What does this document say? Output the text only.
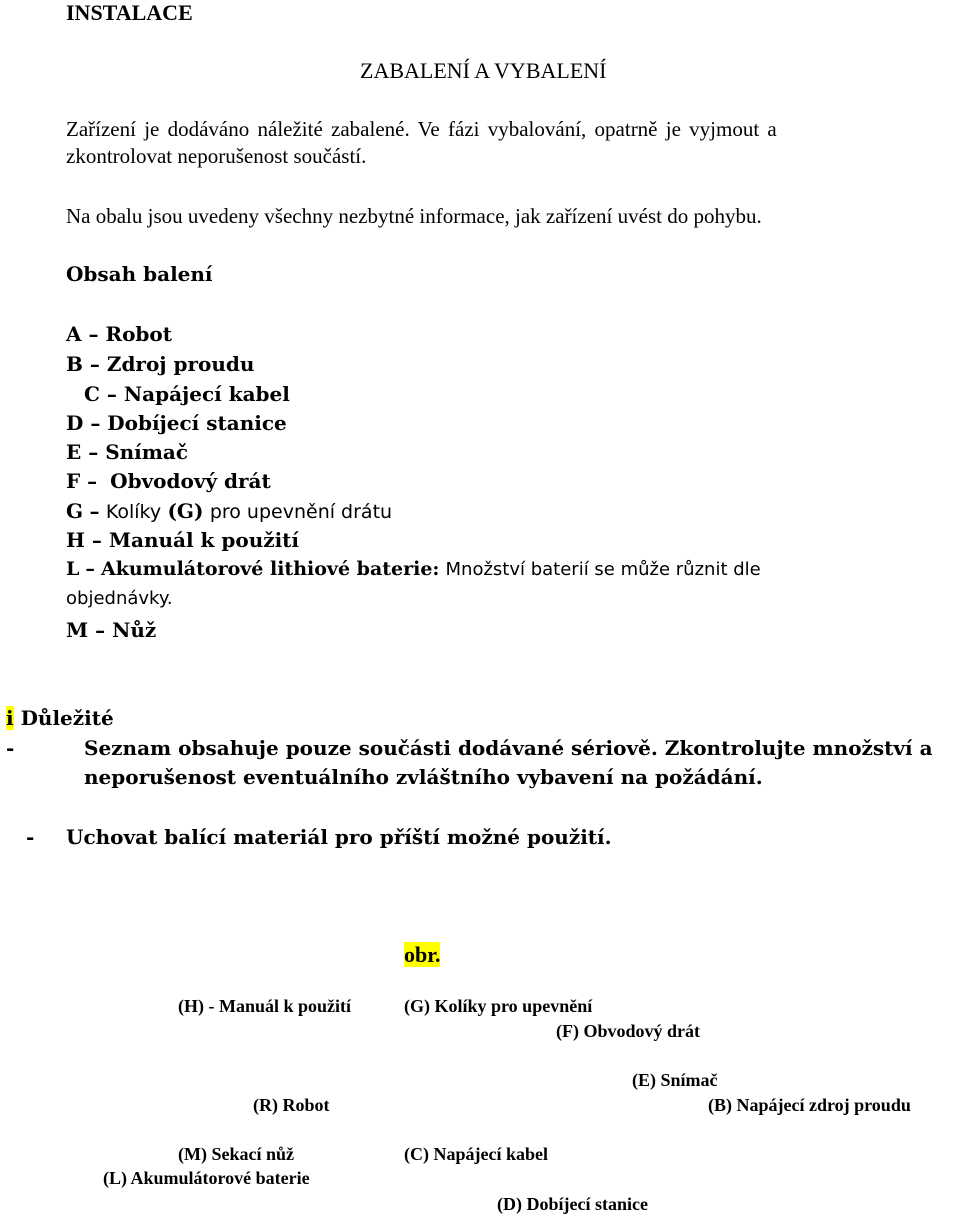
INSTALACE
ZABALENÍ A VYBALENÍ
Zařízení je dodáváno náležité zabalené. Ve fázi vybalování, opatrně je vyjmout a
zkontrolovat neporušenost součástí.
Na obalu jsou uvedeny všechny nezbytné informace, jak zařízení uvést do pohybu.
Obsah balení
A – Robot
B – Zdroj proudu
C – Napájecí kabel
D – Dobíjecí stanice
E – Snímač
F – Obvodový drát
G – Kolíky (G) pro upevnění drátu
H – Manuál k použití
L – Akumulátorové lithiové baterie: Množství baterií se může různit dle
objednávky.
M – Nůž
i Důležité
-	Seznam obsahuje pouze součásti dodávané sériově. Zkontrolujte množství a
neporušenost eventuálního zvláštního vybavení na požádání.
- Uchovat balící materiál pro příští možné použití.
obr.
(H) - Manuál k použití	(G) Kolíky pro upevnění
(F) Obvodový drát
(E) Snímač
(R) Robot	(B) Napájecí zdroj proudu
(M) Sekací nůž	(C) Napájecí kabel
(L) Akumulátorové baterie
(D) Dobíjecí stanice
